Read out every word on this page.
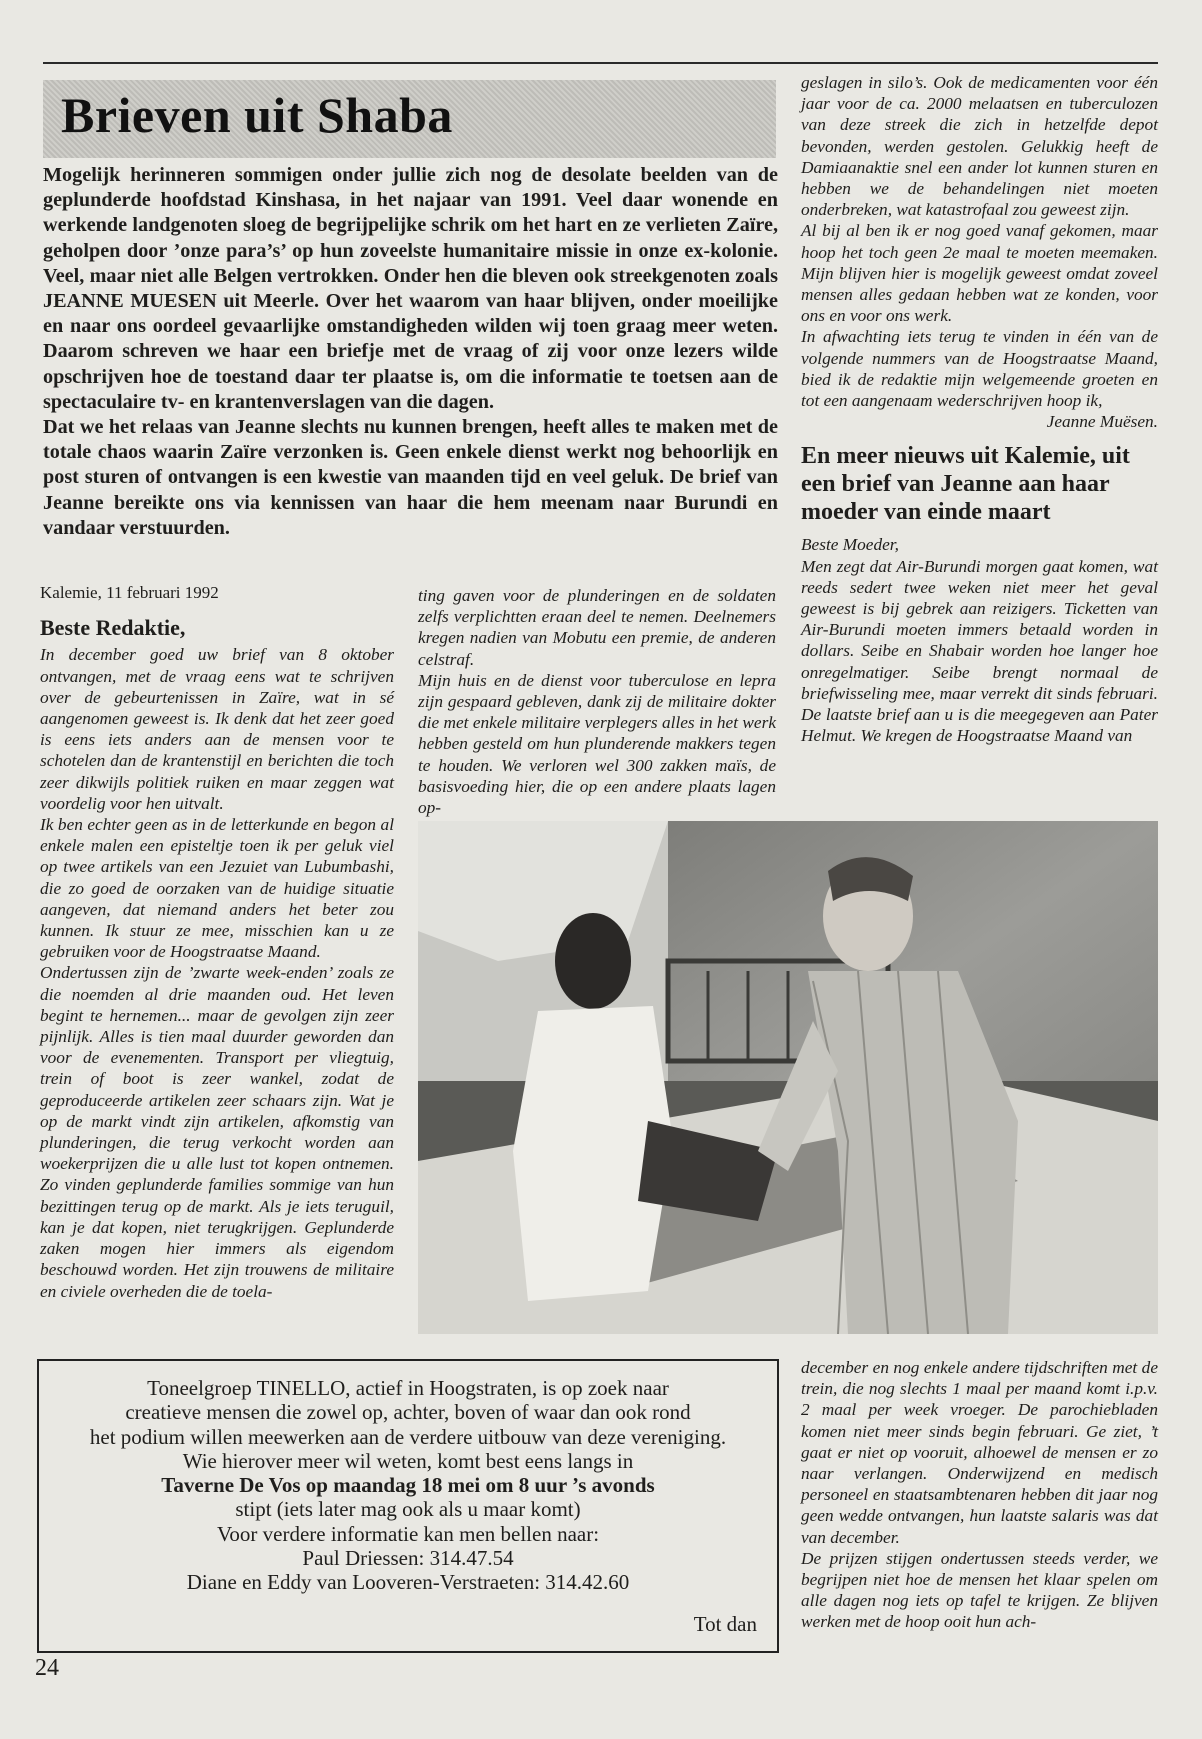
Brieven uit Shaba

Mogelijk herinneren sommigen onder jullie zich nog de desolate beelden van de geplunderde hoofdstad Kinshasa, in het najaar van 1991. Veel daar wonende en werkende landgenoten sloeg de begrijpelijke schrik om het hart en ze verlieten Zaïre, geholpen door ’onze para’s’ op hun zoveelste humanitaire missie in onze ex-kolonie. Veel, maar niet alle Belgen vertrokken. Onder hen die bleven ook streekgenoten zoals JEANNE MUESEN uit Meerle. Over het waarom van haar blijven, onder moeilijke en naar ons oordeel gevaarlijke omstandigheden wilden wij toen graag meer weten. Daarom schreven we haar een briefje met de vraag of zij voor onze lezers wilde opschrijven hoe de toestand daar ter plaatse is, om die informatie te toetsen aan de spectaculaire tv- en krantenverslagen van die dagen.

Dat we het relaas van Jeanne slechts nu kunnen brengen, heeft alles te maken met de totale chaos waarin Zaïre verzonken is. Geen enkele dienst werkt nog behoorlijk en post sturen of ontvangen is een kwestie van maanden tijd en veel geluk. De brief van Jeanne bereikte ons via kennissen van haar die hem meenam naar Burundi en vandaar verstuurden.

Kalemie, 11 februari 1992

Beste Redaktie,

In december goed uw brief van 8 oktober ontvangen, met de vraag eens wat te schrijven over de gebeurtenissen in Zaïre, wat in sé aangenomen geweest is. Ik denk dat het zeer goed is eens iets anders aan de mensen voor te schotelen dan de krantenstijl en berichten die toch zeer dikwijls politiek ruiken en maar zeggen wat voordelig voor hen uitvalt.

Ik ben echter geen as in de letterkunde en begon al enkele malen een episteltje toen ik per geluk viel op twee artikels van een Jezuiet van Lubumbashi, die zo goed de oorzaken van de huidige situatie aangeven, dat niemand anders het beter zou kunnen. Ik stuur ze mee, misschien kan u ze gebruiken voor de Hoogstraatse Maand.

Ondertussen zijn de ’zwarte week-enden’ zoals ze die noemden al drie maanden oud. Het leven begint te hernemen... maar de gevolgen zijn zeer pijnlijk. Alles is tien maal duurder geworden dan voor de evenementen. Transport per vliegtuig, trein of boot is zeer wankel, zodat de geproduceerde artikelen zeer schaars zijn. Wat je op de markt vindt zijn artikelen, afkomstig van plunderingen, die terug verkocht worden aan woekerprijzen die u alle lust tot kopen ontnemen. Zo vinden geplunderde families sommige van hun bezittingen terug op de markt. Als je iets teruguil, kan je dat kopen, niet terugkrijgen. Geplunderde zaken mogen hier immers als eigendom beschouwd worden. Het zijn trouwens de militaire en civiele overheden die de toela-

ting gaven voor de plunderingen en de soldaten zelfs verplichtten eraan deel te nemen. Deelnemers kregen nadien van Mobutu een premie, de anderen celstraf.

Mijn huis en de dienst voor tuberculose en lepra zijn gespaard gebleven, dank zij de militaire dokter die met enkele militaire verplegers alles in het werk hebben gesteld om hun plunderende makkers tegen te houden. We verloren wel 300 zakken maïs, de basisvoeding hier, die op een andere plaats lagen op-

geslagen in silo’s. Ook de medicamenten voor één jaar voor de ca. 2000 melaatsen en tuberculozen van deze streek die zich in hetzelfde depot bevonden, werden gestolen. Gelukkig heeft de Damiaanaktie snel een ander lot kunnen sturen en hebben we de behandelingen niet moeten onderbreken, wat katastrofaal zou geweest zijn.

Al bij al ben ik er nog goed vanaf gekomen, maar hoop het toch geen 2e maal te moeten meemaken. Mijn blijven hier is mogelijk geweest omdat zoveel mensen alles gedaan hebben wat ze konden, voor ons en voor ons werk.

In afwachting iets terug te vinden in één van de volgende nummers van de Hoogstraatse Maand, bied ik de redaktie mijn welgemeende groeten en tot een aangenaam wederschrijven hoop ik,

Jeanne Muësen.

En meer nieuws uit Kalemie, uit een brief van Jeanne aan haar moeder van einde maart

Beste Moeder,

Men zegt dat Air-Burundi morgen gaat komen, wat reeds sedert twee weken niet meer het geval geweest is bij gebrek aan reizigers. Ticketten van Air-Burundi moeten immers betaald worden in dollars. Seibe en Shabair worden hoe langer hoe onregelmatiger. Seibe brengt normaal de briefwisseling mee, maar verrekt dit sinds februari. De laatste brief aan u is die meegegeven aan Pater Helmut. We kregen de Hoogstraatse Maand van

Toneelgroep TINELLO, actief in Hoogstraten, is op zoek naar

creatieve mensen die zowel op, achter, boven of waar dan ook rond

het podium willen meewerken aan de verdere uitbouw van deze vereniging.

Wie hierover meer wil weten, komt best eens langs in

Taverne De Vos op maandag 18 mei om 8 uur ’s avonds

stipt (iets later mag ook als u maar komt)

Voor verdere informatie kan men bellen naar:

Paul Driessen: 314.47.54

Diane en Eddy van Looveren-Verstraeten: 314.42.60

Tot dan

december en nog enkele andere tijdschriften met de trein, die nog slechts 1 maal per maand komt i.p.v. 2 maal per week vroeger. De parochiebladen komen niet meer sinds begin februari. Ge ziet, ’t gaat er niet op vooruit, alhoewel de mensen er zo naar verlangen. Onderwijzend en medisch personeel en staatsambtenaren hebben dit jaar nog geen wedde ontvangen, hun laatste salaris was dat van december.

De prijzen stijgen ondertussen steeds verder, we begrijpen niet hoe de mensen het klaar spelen om alle dagen nog iets op tafel te krijgen. Ze blijven werken met de hoop ooit hun ach-

24
